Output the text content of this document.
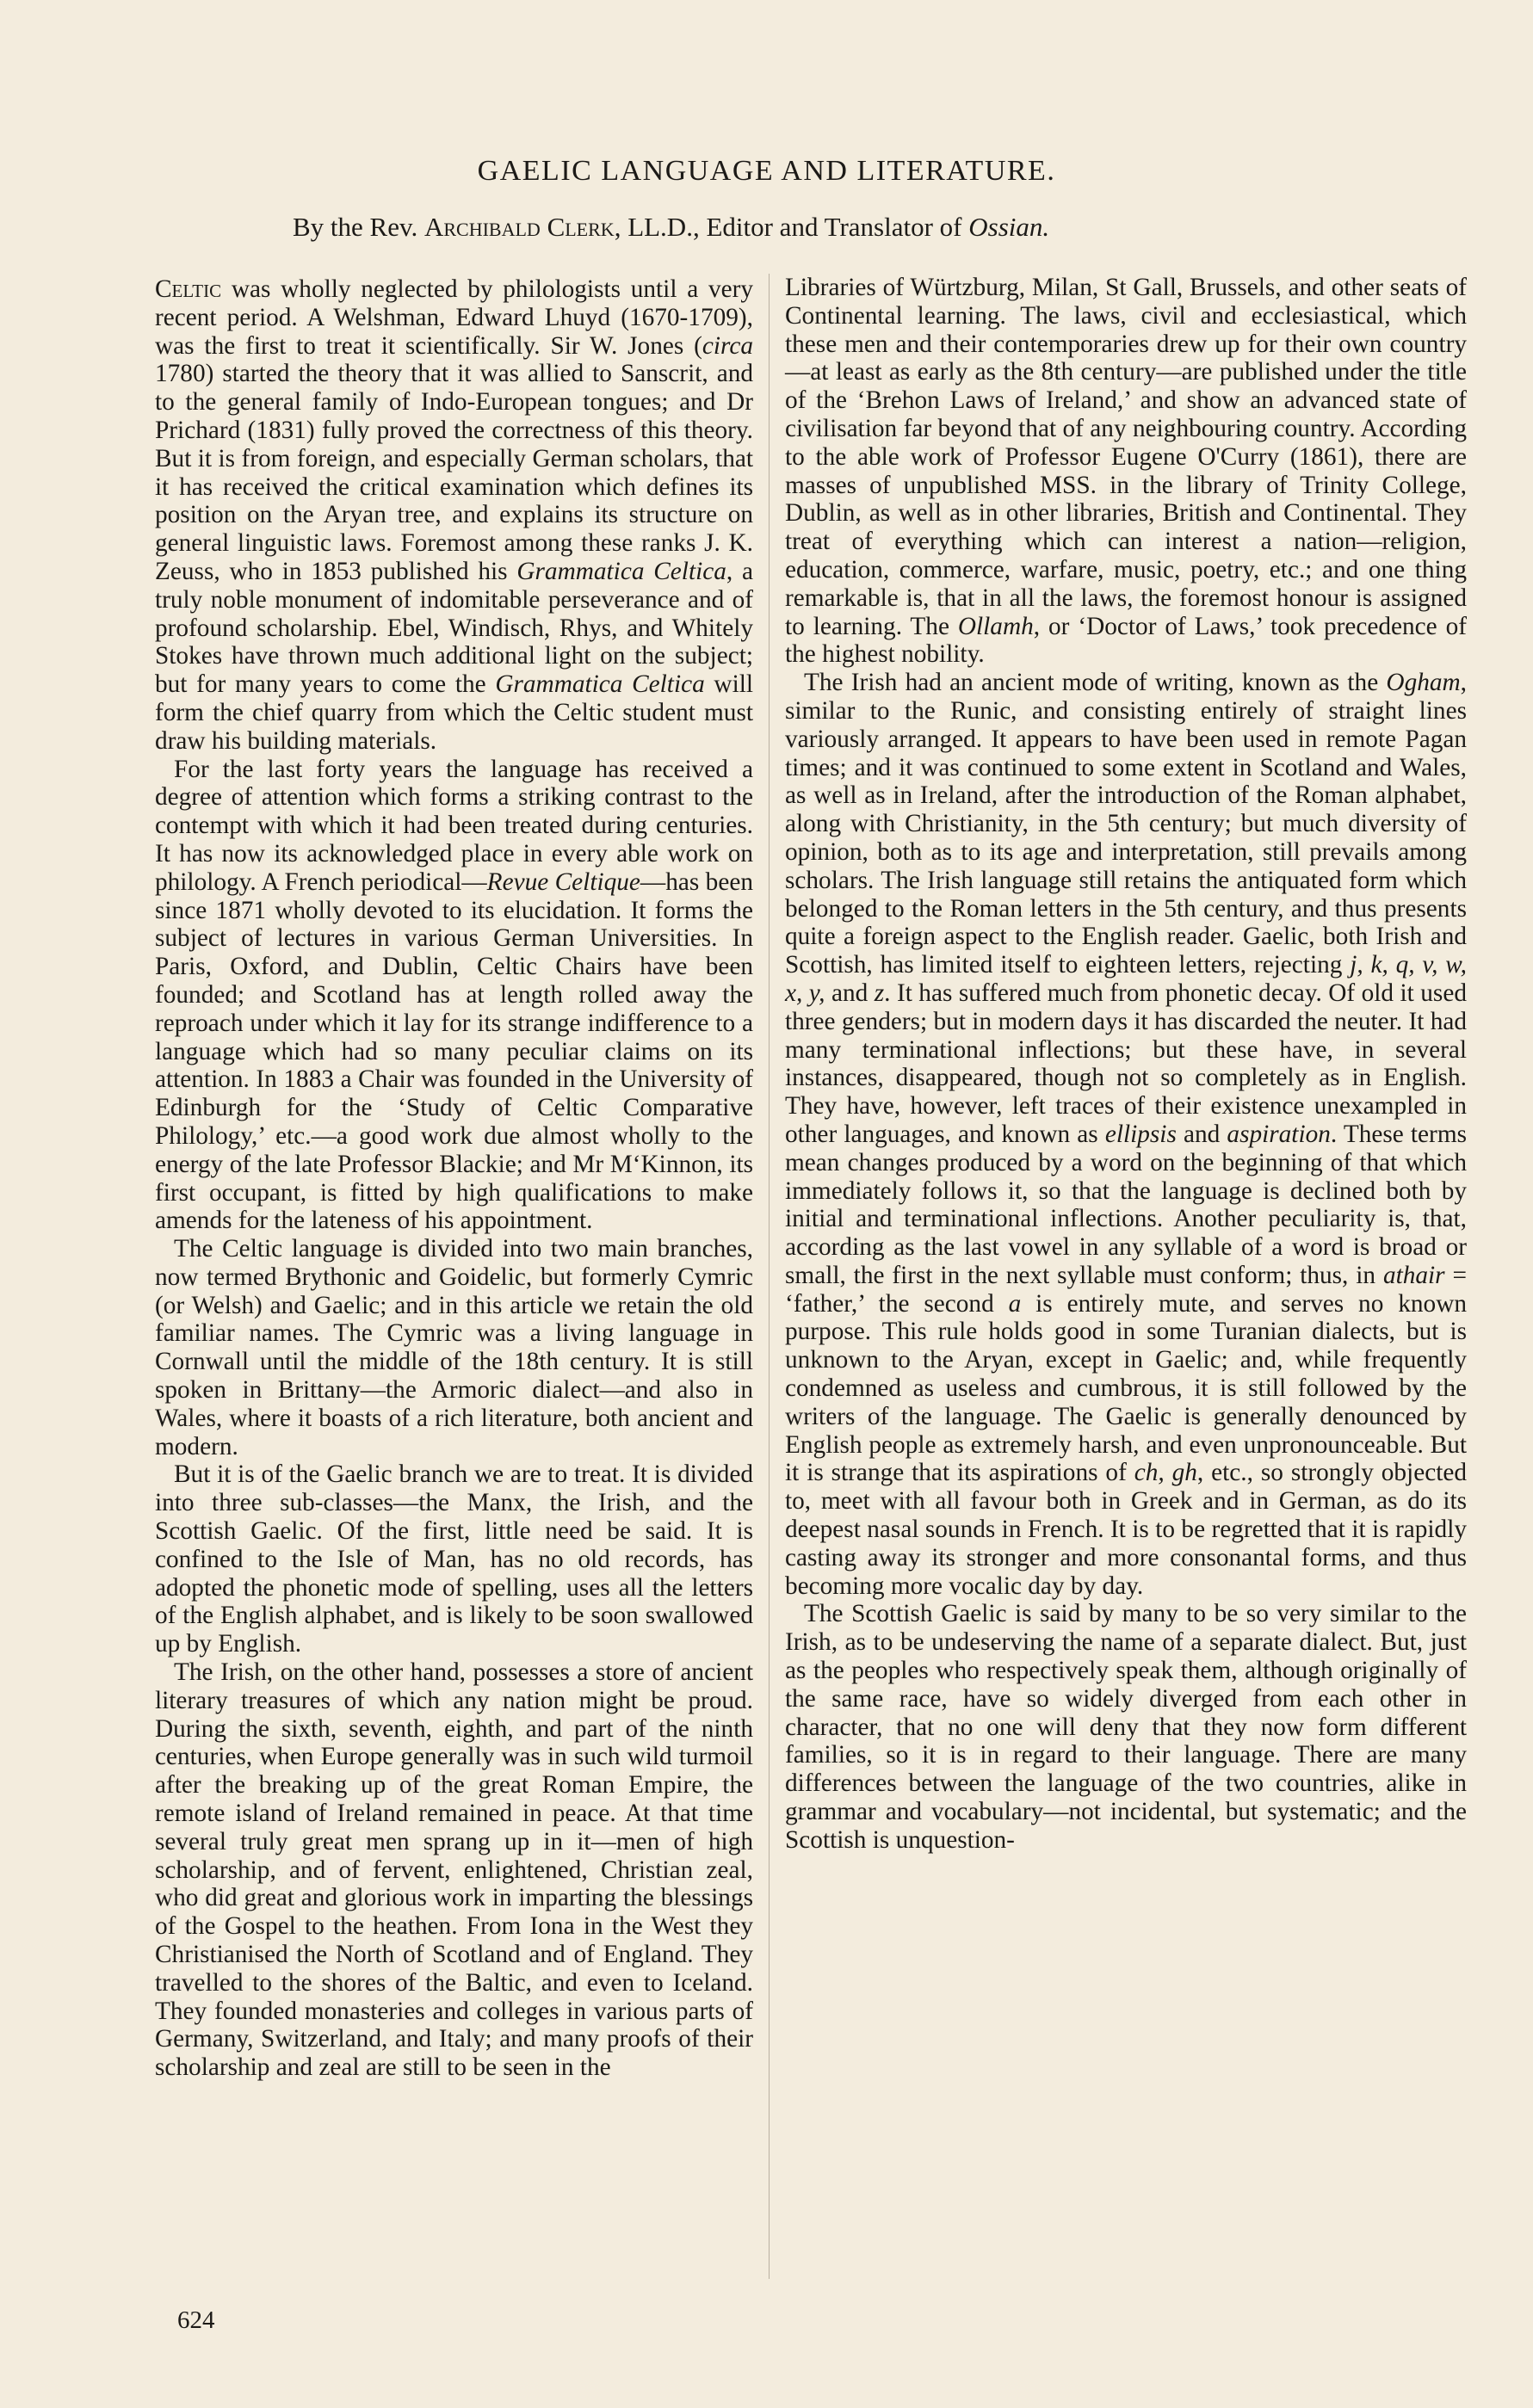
GAELIC LANGUAGE AND LITERATURE.
By the Rev. Archibald Clerk, LL.D., Editor and Translator of Ossian.

Celtic was wholly neglected by philologists until a very recent period. A Welshman, Edward Lhuyd (1670-1709), was the first to treat it scientifically. Sir W. Jones (circa 1780) started the theory that it was allied to Sanscrit, and to the general family of Indo-European tongues; and Dr Prichard (1831) fully proved the correctness of this theory. But it is from foreign, and especially German scholars, that it has received the critical examination which defines its position on the Aryan tree, and explains its structure on general linguistic laws. Foremost among these ranks J. K. Zeuss, who in 1853 published his Grammatica Celtica, a truly noble monument of indomitable perseverance and of profound scholarship. Ebel, Windisch, Rhys, and Whitely Stokes have thrown much additional light on the subject; but for many years to come the Grammatica Celtica will form the chief quarry from which the Celtic student must draw his building materials.

For the last forty years the language has received a degree of attention which forms a striking contrast to the contempt with which it had been treated during centuries. It has now its acknowledged place in every able work on philology. A French periodical—Revue Celtique—has been since 1871 wholly devoted to its elucidation. It forms the subject of lectures in various German Universities. In Paris, Oxford, and Dublin, Celtic Chairs have been founded; and Scotland has at length rolled away the reproach under which it lay for its strange indifference to a language which had so many peculiar claims on its attention. In 1883 a Chair was founded in the University of Edinburgh for the ‘Study of Celtic Comparative Philology,’ etc.—a good work due almost wholly to the energy of the late Professor Blackie; and Mr M‘Kinnon, its first occupant, is fitted by high qualifications to make amends for the lateness of his appointment.

The Celtic language is divided into two main branches, now termed Brythonic and Goidelic, but formerly Cymric (or Welsh) and Gaelic; and in this article we retain the old familiar names. The Cymric was a living language in Cornwall until the middle of the 18th century. It is still spoken in Brittany—the Armoric dialect—and also in Wales, where it boasts of a rich literature, both ancient and modern.

But it is of the Gaelic branch we are to treat. It is divided into three sub-classes—the Manx, the Irish, and the Scottish Gaelic. Of the first, little need be said. It is confined to the Isle of Man, has no old records, has adopted the phonetic mode of spelling, uses all the letters of the English alphabet, and is likely to be soon swallowed up by English.

The Irish, on the other hand, possesses a store of ancient literary treasures of which any nation might be proud. During the sixth, seventh, eighth, and part of the ninth centuries, when Europe generally was in such wild turmoil after the breaking up of the great Roman Empire, the remote island of Ireland remained in peace. At that time several truly great men sprang up in it—men of high scholarship, and of fervent, enlightened, Christian zeal, who did great and glorious work in imparting the blessings of the Gospel to the heathen. From Iona in the West they Christianised the North of Scotland and of England. They travelled to the shores of the Baltic, and even to Iceland. They founded monasteries and colleges in various parts of Germany, Switzerland, and Italy; and many proofs of their scholarship and zeal are still to be seen in the

Libraries of Würtzburg, Milan, St Gall, Brussels, and other seats of Continental learning. The laws, civil and ecclesiastical, which these men and their contemporaries drew up for their own country—at least as early as the 8th century—are published under the title of the ‘Brehon Laws of Ireland,’ and show an advanced state of civilisation far beyond that of any neighbouring country. According to the able work of Professor Eugene O'Curry (1861), there are masses of unpublished MSS. in the library of Trinity College, Dublin, as well as in other libraries, British and Continental. They treat of everything which can interest a nation—religion, education, commerce, warfare, music, poetry, etc.; and one thing remarkable is, that in all the laws, the foremost honour is assigned to learning. The Ollamh, or ‘Doctor of Laws,’ took precedence of the highest nobility.

The Irish had an ancient mode of writing, known as the Ogham, similar to the Runic, and consisting entirely of straight lines variously arranged. It appears to have been used in remote Pagan times; and it was continued to some extent in Scotland and Wales, as well as in Ireland, after the introduction of the Roman alphabet, along with Christianity, in the 5th century; but much diversity of opinion, both as to its age and interpretation, still prevails among scholars. The Irish language still retains the antiquated form which belonged to the Roman letters in the 5th century, and thus presents quite a foreign aspect to the English reader. Gaelic, both Irish and Scottish, has limited itself to eighteen letters, rejecting j, k, q, v, w, x, y, and z. It has suffered much from phonetic decay. Of old it used three genders; but in modern days it has discarded the neuter. It had many terminational inflections; but these have, in several instances, disappeared, though not so completely as in English. They have, however, left traces of their existence unexampled in other languages, and known as ellipsis and aspiration. These terms mean changes produced by a word on the beginning of that which immediately follows it, so that the language is declined both by initial and terminational inflections. Another peculiarity is, that, according as the last vowel in any syllable of a word is broad or small, the first in the next syllable must conform; thus, in athair = ‘father,’ the second a is entirely mute, and serves no known purpose. This rule holds good in some Turanian dialects, but is unknown to the Aryan, except in Gaelic; and, while frequently condemned as useless and cumbrous, it is still followed by the writers of the language. The Gaelic is generally denounced by English people as extremely harsh, and even unpronounceable. But it is strange that its aspirations of ch, gh, etc., so strongly objected to, meet with all favour both in Greek and in German, as do its deepest nasal sounds in French. It is to be regretted that it is rapidly casting away its stronger and more consonantal forms, and thus becoming more vocalic day by day.

The Scottish Gaelic is said by many to be so very similar to the Irish, as to be undeserving the name of a separate dialect. But, just as the peoples who respectively speak them, although originally of the same race, have so widely diverged from each other in character, that no one will deny that they now form different families, so it is in regard to their language. There are many differences between the language of the two countries, alike in grammar and vocabulary—not incidental, but systematic; and the Scottish is unquestion-

624
